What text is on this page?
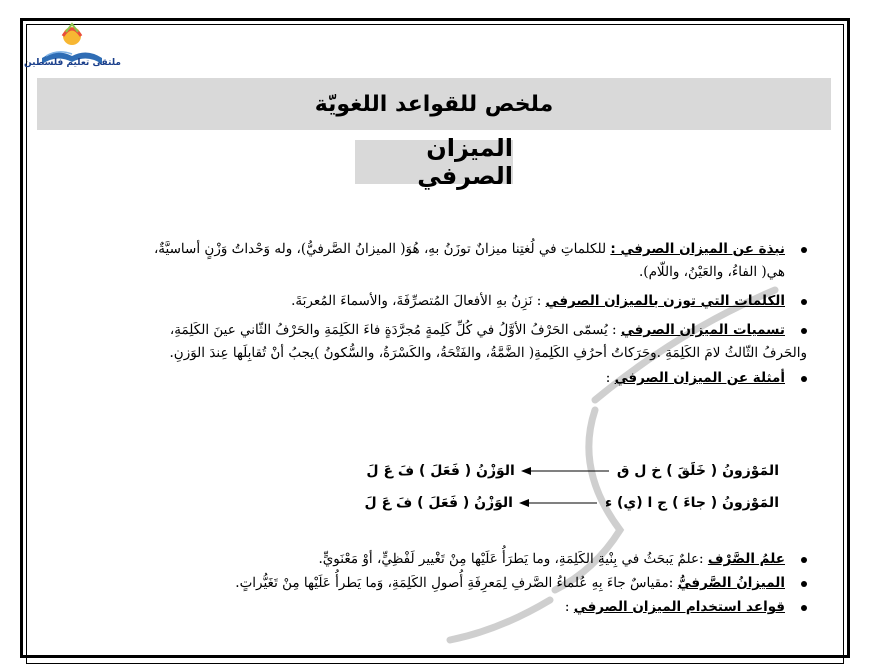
ملتقى تعليم فلسطين
ملخص للقواعد اللغويّة
الميزان الصرفي
نبذة عن الميزان الصرفي : للكلماتِ في لُغتِنا ميزانٌ توزَنُ بهِ، هُوَ( الميزانُ الصَّرفيُّ)، وله وَحْداتُ وَزْنٍ أساسيَّةٌ،
هي( الفاءُ، والعَيْنُ، واللّام).
الكلمات التي توزن بالميزان الصرفي : نَزِنُ بهِ الأفعالَ المُتصرِّفَةَ، والأسماءَ المُعربَةَ.
تسميات الميزان الصرفي : يُسمّى الحَرْفُ الأوَّلُ في كُلِّ كَلِمةٍ مُجرَّدَةٍ فاءَ الكَلِمَةِ والحَرْفُ الثّاني عينَ الكَلِمَةِ،
والحَرفُ الثّالثُ لامَ الكَلِمَةِ .وحَرَكاتُ أحرُفِ الكَلِمةِ( الضَّمَّةُ، والفَتْحَةُ، والكَسْرَةُ، والسُّكونُ )يجبُ أنْ تُقابِلَها عِندَ الوَزنِ.
أمثلة عن الميزان الصرفي :
المَوْزونُ ( خَلَقَ ) خ ل ق
الوَزْنُ ( فَعَلَ ) فَ عَ لَ
المَوْزونُ ( جاءَ ) ج ا (ي) ء
الوَزْنُ ( فَعَلَ ) فَ عَ لَ
علمُ الصَّرْف :علمٌ يَبحَثُ في بِنْيةِ الكَلِمَةِ، وما يَطرَأُ عَلَيْها مِنْ تَغْيير لَفْظِيٍّ، أوْ مَعْنَويٍّ.
الميزانُ الصَّرفيُّ :مقياسٌ جاءَ بِهِ عُلماءُ الصَّرفِ لِمَعرِفَةِ أُصولِ الكَلِمَةِ، وَما يَطرأُ عَلَيْها مِنْ تَغَيُّراتٍ.
قواعد استخدام الميزان الصرفي :
